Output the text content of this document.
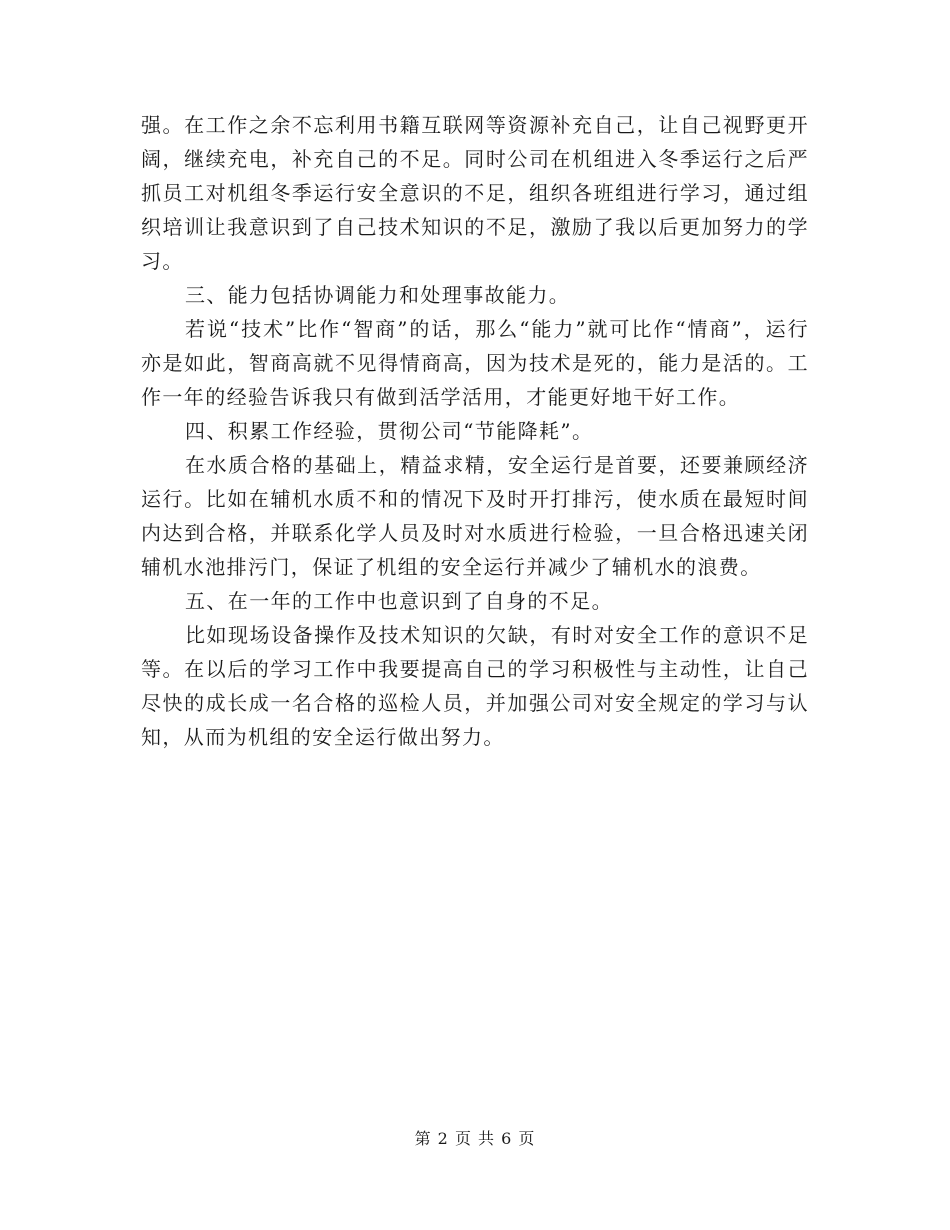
强。在工作之余不忘利用书籍互联网等资源补充自己，让自己视野更开阔，继续充电，补充自己的不足。同时公司在机组进入冬季运行之后严抓员工对机组冬季运行安全意识的不足，组织各班组进行学习，通过组织培训让我意识到了自己技术知识的不足，激励了我以后更加努力的学习。

三、能力包括协调能力和处理事故能力。

若说“技术”比作“智商”的话，那么“能力”就可比作“情商”，运行亦是如此，智商高就不见得情商高，因为技术是死的，能力是活的。工作一年的经验告诉我只有做到活学活用，才能更好地干好工作。

四、积累工作经验，贯彻公司“节能降耗”。

在水质合格的基础上，精益求精，安全运行是首要，还要兼顾经济运行。比如在辅机水质不和的情况下及时开打排污，使水质在最短时间内达到合格，并联系化学人员及时对水质进行检验，一旦合格迅速关闭辅机水池排污门，保证了机组的安全运行并减少了辅机水的浪费。

五、在一年的工作中也意识到了自身的不足。

比如现场设备操作及技术知识的欠缺，有时对安全工作的意识不足等。在以后的学习工作中我要提高自己的学习积极性与主动性，让自己尽快的成长成一名合格的巡检人员，并加强公司对安全规定的学习与认知，从而为机组的安全运行做出努力。

第 2 页 共 6 页
